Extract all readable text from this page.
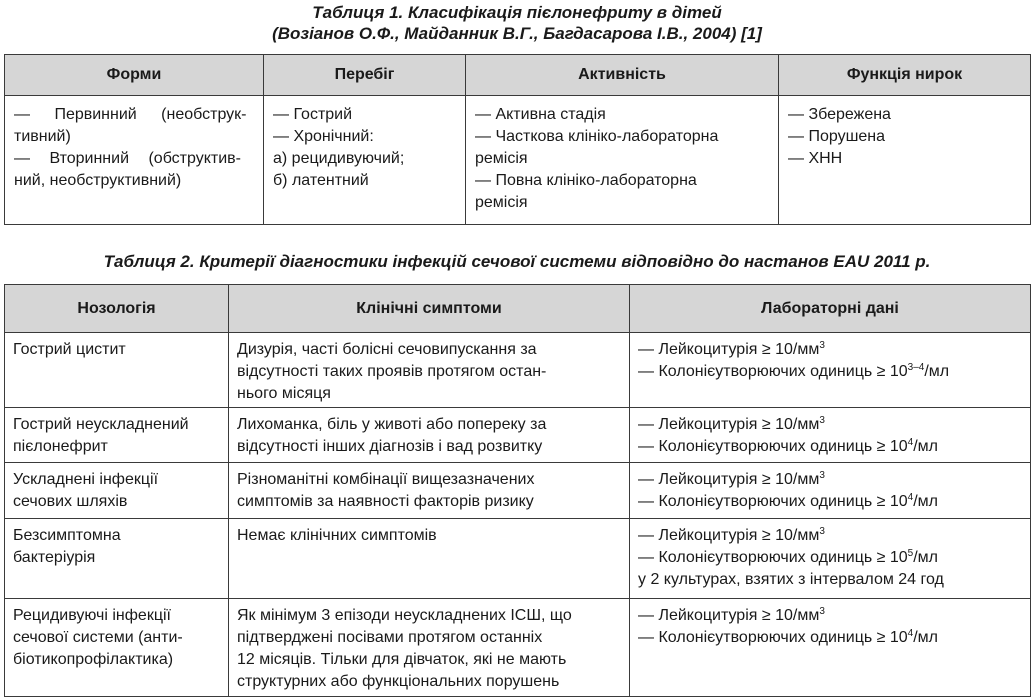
Таблиця 1. Класифікація пієлонефриту в дітей
(Возіанов О.Ф., Майданник В.Г., Багдасарова І.В., 2004) [1]

Форми	Перебіг	Активність	Функція нирок

— Первинний (необструк-
тивний)
— Вторинний (обструктив-
ний, необструктивний)	— Гострий
— Хронічний:
а) рецидивуючий;
б) латентний	— Активна стадія
— Часткова клініко-лабораторна
ремісія
— Повна клініко-лабораторна
ремісія	— Збережена
— Порушена
— ХНН

Таблиця 2. Критерії діагностики інфекцій сечової системи відповідно до настанов EAU 2011 р.

Нозологія	Клінічні симптоми	Лабораторні дані

Гострий цистит	Дизурія, часті болісні сечовипускання за
відсутності таких проявів протягом остан-
нього місяця	— Лейкоцитурія ≥ $10/мм^3$
— Колонієутворюючих одиниць ≥ $10^{3-4}/мл$

Гострий неускладнений
пієлонефрит	Лихоманка, біль у животі або попереку за
відсутності інших діагнозів і вад розвитку	— Лейкоцитурія ≥ $10/мм^3$
— Колонієутворюючих одиниць ≥ $10^4/мл$

Ускладнені інфекції
сечових шляхів	Різноманітні комбінації вищезазначених
симптомів за наявності факторів ризику	— Лейкоцитурія ≥ $10/мм^3$
— Колонієутворюючих одиниць ≥ $10^4/мл$

Безсимптомна
бактеріурія	Немає клінічних симптомів	— Лейкоцитурія ≥ $10/мм^3$
— Колонієутворюючих одиниць ≥ $10^5/мл$
у 2 культурах, взятих з інтервалом 24 год

Рецидивуючі інфекції
сечової системи (анти-
біотикопрофілактика)	Як мінімум 3 епізоди неускладнених ІСШ, що
підтверджені посівами протягом останніх
12 місяців. Тільки для дівчаток, які не мають
структурних або функціональних порушень	— Лейкоцитурія ≥ $10/мм^3$
— Колонієутворюючих одиниць ≥ $10^4/мл$
